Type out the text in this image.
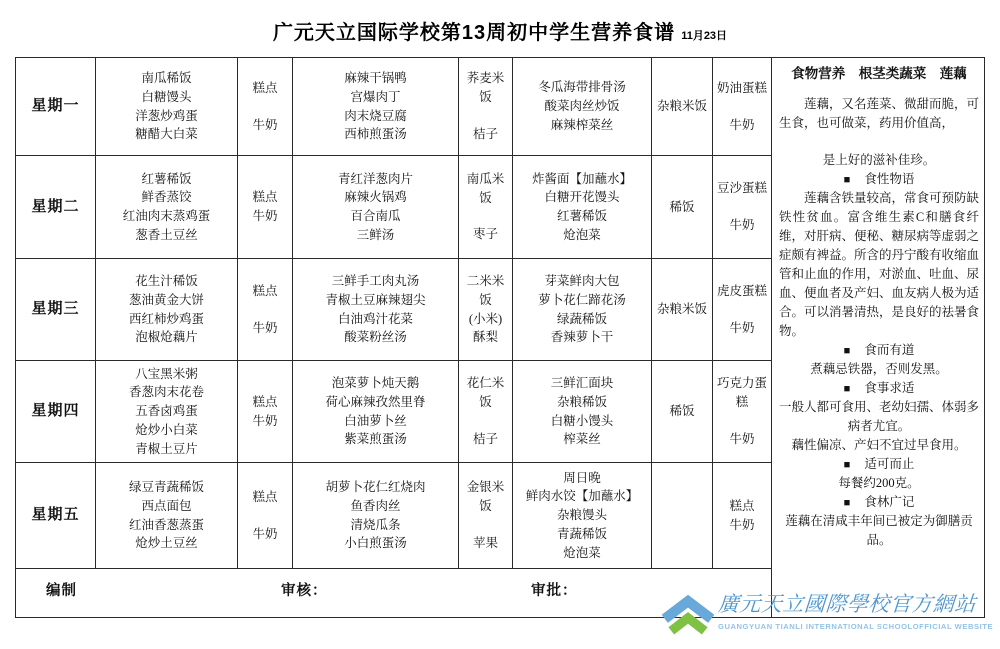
广元天立国际学校第13周初中学生营养食谱 11月23日
星期一
南瓜稀饭
白糖馒头
洋葱炒鸡蛋
糖醋大白菜
糕点
牛奶
麻辣干锅鸭
宫爆肉丁
肉末烧豆腐
西柿煎蛋汤
荞麦米饭
桔子
冬瓜海带排骨汤
酸菜肉丝炒饭
麻辣榨菜丝
杂粮米饭
奶油蛋糕
牛奶
食物营养　根茎类蔬菜　莲藕
莲藕，又名莲菜、微甜而脆，可生食，也可做菜，药用价值高，
是上好的滋补佳珍。
■ 食性物语
莲藕含铁量较高，常食可预防缺铁性贫血。富含维生素C和膳食纤维，对肝病、便秘、糖尿病等虚弱之症颇有裨益。所含的丹宁酸有收缩血管和止血的作用，对淤血、吐血、尿血、便血者及产妇、血友病人极为适合。可以消暑清热，是良好的祛暑食物。
■ 食而有道
煮藕忌铁器，否则发黑。
■ 食事求适
一般人都可食用、老幼妇孺、体弱多病者尤宜。
藕性偏凉、产妇不宜过早食用。
■ 适可而止
每餐约200克。
■ 食林广记
莲藕在清咸丰年间已被定为御膳贡品。
星期二
红薯稀饭
鲜香蒸饺
红油肉末蒸鸡蛋
葱香土豆丝
糕点
牛奶
青红洋葱肉片
麻辣火锅鸡
百合南瓜
三鲜汤
南瓜米饭
枣子
炸酱面【加蘸水】
白糖开花馒头
红薯稀饭
炝泡菜
稀饭
豆沙蛋糕
牛奶
星期三
花生汁稀饭
葱油黄金大饼
西红柿炒鸡蛋
泡椒炝藕片
糕点
牛奶
三鲜手工肉丸汤
青椒土豆麻辣翅尖
白油鸡汁花菜
酸菜粉丝汤
二米米饭
(小米)
酥梨
芽菜鲜肉大包
萝卜花仁蹄花汤
绿蔬稀饭
香辣萝卜干
杂粮米饭
虎皮蛋糕
牛奶
星期四
八宝黑米粥
香葱肉末花卷
五香卤鸡蛋
炝炒小白菜
青椒土豆片
糕点
牛奶
泡菜萝卜炖天鹅
荷心麻辣孜然里脊
白油萝卜丝
紫菜煎蛋汤
花仁米饭
桔子
三鲜汇面块
杂粮稀饭
白糖小馒头
榨菜丝
稀饭
巧克力蛋糕
牛奶
星期五
绿豆青蔬稀饭
西点面包
红油香葱蒸蛋
炝炒土豆丝
糕点
牛奶
胡萝卜花仁红烧肉
鱼香肉丝
清烧瓜条
小白煎蛋汤
金银米饭
苹果
周日晚
鲜肉水饺【加蘸水】
杂粮馒头
青蔬稀饭
炝泡菜
糕点
牛奶
编制	审核：	审批：
廣元天立國際學校官方網站
GUANGYUAN TIANLI INTERNATIONAL SCHOOLOFFICIAL WEBSITE
